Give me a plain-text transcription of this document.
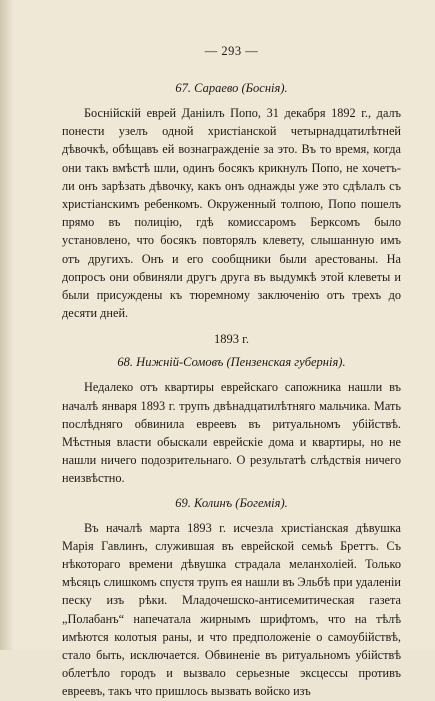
— 293 —
67. Сараево (Боснiя).

Боснiйскiй еврей Данiилъ Попо, 31 декабря 1892 г., далъ понести узелъ одной христiанской четырнадцатилѣтней дѣвочкѣ, обѣщавъ ей вознагражденiе за это. Въ то время, когда они такъ вмѣстѣ шли, одинъ босякъ крикнулъ Попо, не хочетъ-ли онъ зарѣзать дѣвочку, какъ онъ однажды уже это сдѣлалъ съ христiанскимъ ребенкомъ. Окруженный толпою, Попо пошелъ прямо въ полицiю, гдѣ комиссаромъ Берксомъ было установлено, что босякъ повторялъ клевету, слышанную имъ отъ другихъ. Онъ и его сообщники были арестованы. На допросъ они обвиняли другъ друга въ выдумкѣ этой клеветы и были присуждены къ тюремному заключенiю отъ трехъ до десяти дней.

1893 г.
68. Нижнiй-Сомовъ (Пензенская губернiя).

Недалеко отъ квартиры еврейскаго сапожника нашли въ началѣ января 1893 г. трупъ двѣнадцатилѣтняго мальчика. Мать послѣдняго обвинила евреевъ въ ритуальномъ убiйствѣ. Мѣстныя власти обыскали еврейскiе дома и квартиры, но не нашли ничего подозрительнаго. О результатѣ слѣдствiя ничего неизвѣстно.

69. Колинъ (Богемiя).

Въ началѣ марта 1893 г. исчезла христiанская дѣвушка Марiя Гавлинъ, служившая въ еврейской семьѣ Бреттъ. Съ нѣкотораго времени дѣвушка страдала меланхолiей. Только мѣсяцъ слишкомъ спустя трупъ ея нашли въ Эльбѣ при удаленiи песку изъ рѣки. Младочешско-антисемитическая газета „Полабанъ“ напечатала жирнымъ шрифтомъ, что на тѣлѣ имѣются колотыя раны, и что предположенiе о самоубiйствѣ, стало быть, исключается. Обвиненiе въ ритуальномъ убiйствѣ облетѣло городъ и вызвало серьезные эксцессы противъ евреевъ, такъ что пришлось вызвать войско изъ
